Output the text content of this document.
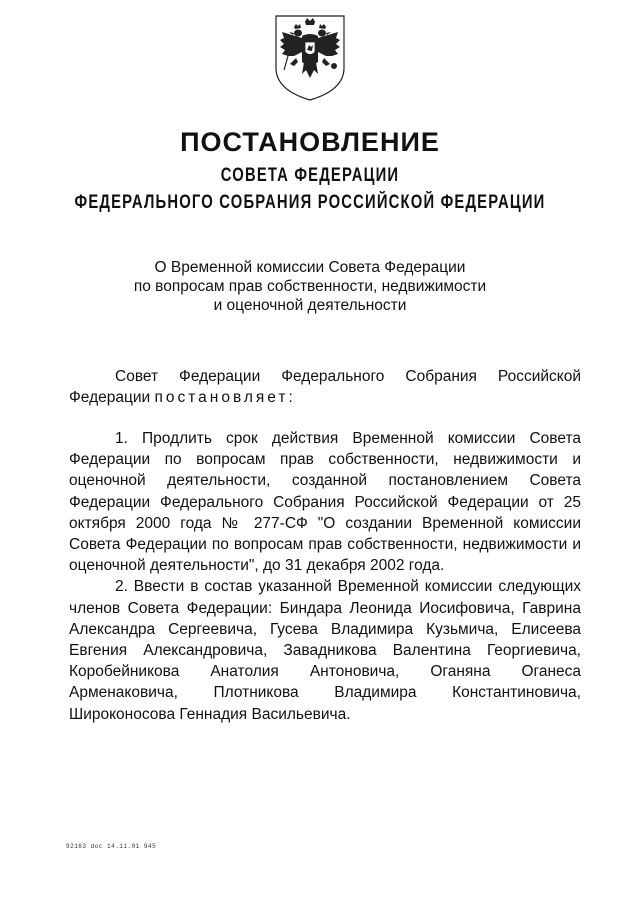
ПОСТАНОВЛЕНИЕ
СОВЕТА ФЕДЕРАЦИИ
ФЕДЕРАЛЬНОГО СОБРАНИЯ РОССИЙСКОЙ ФЕДЕРАЦИИ
О Временной комиссии Совета Федерации
по вопросам прав собственности, недвижимости
и оценочной деятельности

Совет Федерации Федерального Собрания Российской Федерации постановляет:

1. Продлить срок действия Временной комиссии Совета Федерации по вопросам прав собственности, недвижимости и оценочной деятельности, созданной постановлением Совета Федерации Федерального Собрания Российской Федерации от 25 октября 2000 года № 277-СФ "О создании Временной комиссии Совета Федерации по вопросам прав собственности, недвижимости и оценочной деятельности", до 31 декабря 2002 года.

2. Ввести в состав указанной Временной комиссии следующих членов Совета Федерации: Биндара Леонида Иосифовича, Гаврина Александра Сергеевича, Гусева Владимира Кузьмича, Елисеева Евгения Александровича, Завадникова Валентина Георгиевича, Коробейникова Анатолия Антоновича, Оганяна Оганеса Арменаковича, Плотникова Владимира Константиновича, Широконосова Геннадия Васильевича.

92163 doc 14.11.01 945
